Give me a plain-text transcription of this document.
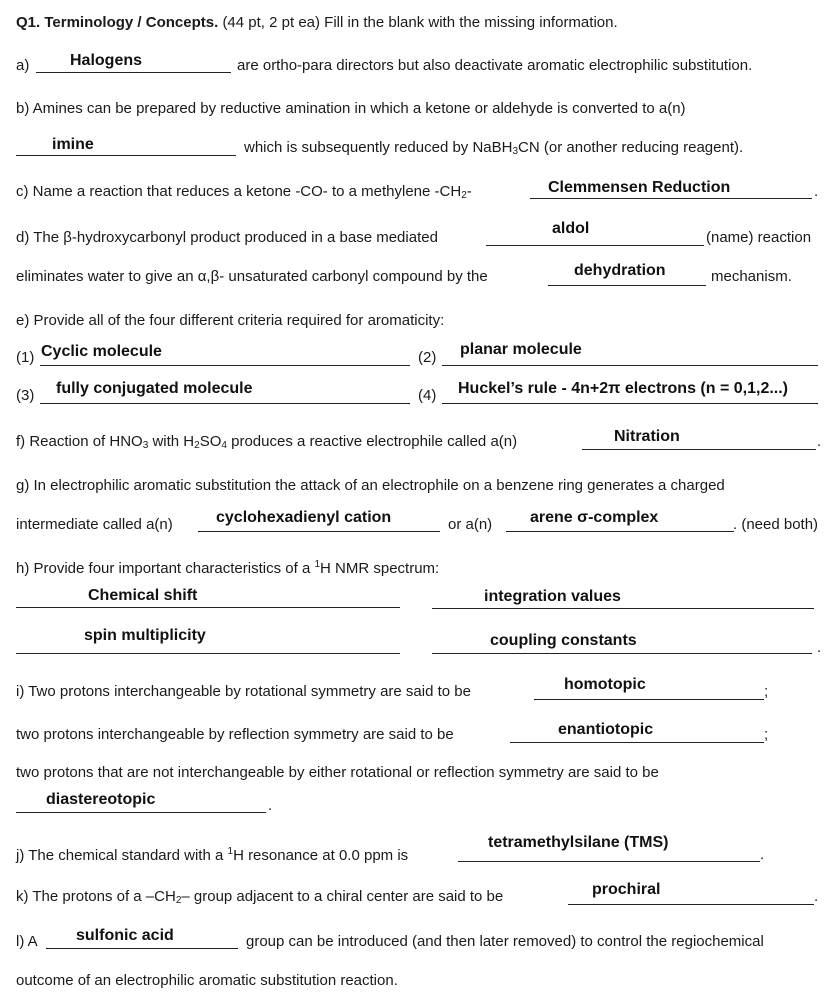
Q1. Terminology / Concepts. (44 pt, 2 pt ea) Fill in the blank with the missing information.
a)	Halogens	are ortho-para directors but also deactivate aromatic electrophilic substitution.
b) Amines can be prepared by reductive amination in which a ketone or aldehyde is converted to a(n)
imine	which is subsequently reduced by NaBH$_3$CN (or another reducing reagent).
c) Name a reaction that reduces a ketone -CO- to a methylene $-CH_2-$	Clemmensen Reduction	.
d) The β-hydroxycarbonyl product produced in a base mediated
aldol
(name) reaction
eliminates water to give an α,β- unsaturated carbonyl compound by the	dehydration	mechanism.
e) Provide all of the four different criteria required for aromaticity:
(1) Cyclic molecule	(2) planar molecule
(3) fully conjugated molecule	(4) Huckel’s rule - 4n+2π electrons (n = 0,1,2...)
f) Reaction of $HNO_3$ with $H_2SO_4$ produces a reactive electrophile called a(n)	Nitration	.
g) In electrophilic aromatic substitution the attack of an electrophile on a benzene ring generates a charged
intermediate called a(n)	cyclohexadienyl cation	or a(n) arene σ-complex	. (need both)
h) Provide four important characteristics of a $^1$H NMR spectrum:
Chemical shift	integration values
spin multiplicity	coupling constants	.
i) Two protons interchangeable by rotational symmetry are said to be	homotopic	;
two protons interchangeable by reflection symmetry are said to be	enantiotopic	;
two protons that are not interchangeable by either rotational or reflection symmetry are said to be
diastereotopic	.
j) The chemical standard with a $^1$H resonance at 0.0 ppm is
tetramethylsilane (TMS)
.
k) The protons of a $-CH_2-$ group adjacent to a chiral center are said to be	prochiral	.
l) A sulfonic acid	group can be introduced (and then later removed) to control the regiochemical
outcome of an electrophilic aromatic substitution reaction.
